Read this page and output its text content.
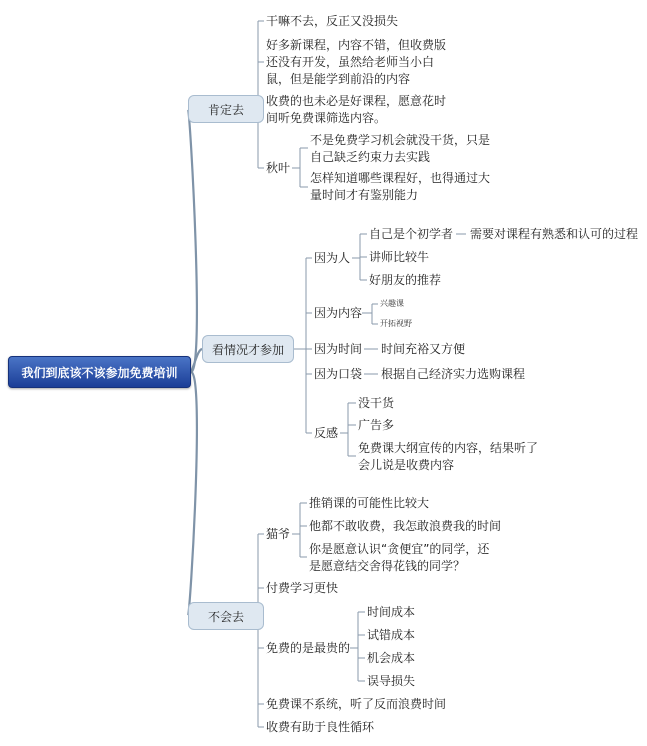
我们到底该不该参加免费培训
肯定去
干嘛不去，反正又没损失
好多新课程，内容不错，但收费版
还没有开发，虽然给老师当小白
鼠，但是能学到前沿的内容
收费的也未必是好课程，愿意花时
间听免费课筛选内容。
秋叶
不是免费学习机会就没干货，只是
自己缺乏约束力去实践
怎样知道哪些课程好，也得通过大
量时间才有鉴别能力
看情况才参加
因为人
自己是个初学者 需要对课程有熟悉和认可的过程
讲师比较牛
好朋友的推荐
因为内容
兴趣课
开拓视野
因为时间 时间充裕又方便
因为口袋 根据自己经济实力选购课程
反感
没干货
广告多
免费课大纲宣传的内容，结果听了
会儿说是收费内容
不会去
猫爷
推销课的可能性比较大
他都不敢收费，我怎敢浪费我的时间
你是愿意认识“贪便宜”的同学，还
是愿意结交舍得花钱的同学？
付费学习更快
免费的是最贵的
时间成本
试错成本
机会成本
误导损失
免费课不系统，听了反而浪费时间
收费有助于良性循环
